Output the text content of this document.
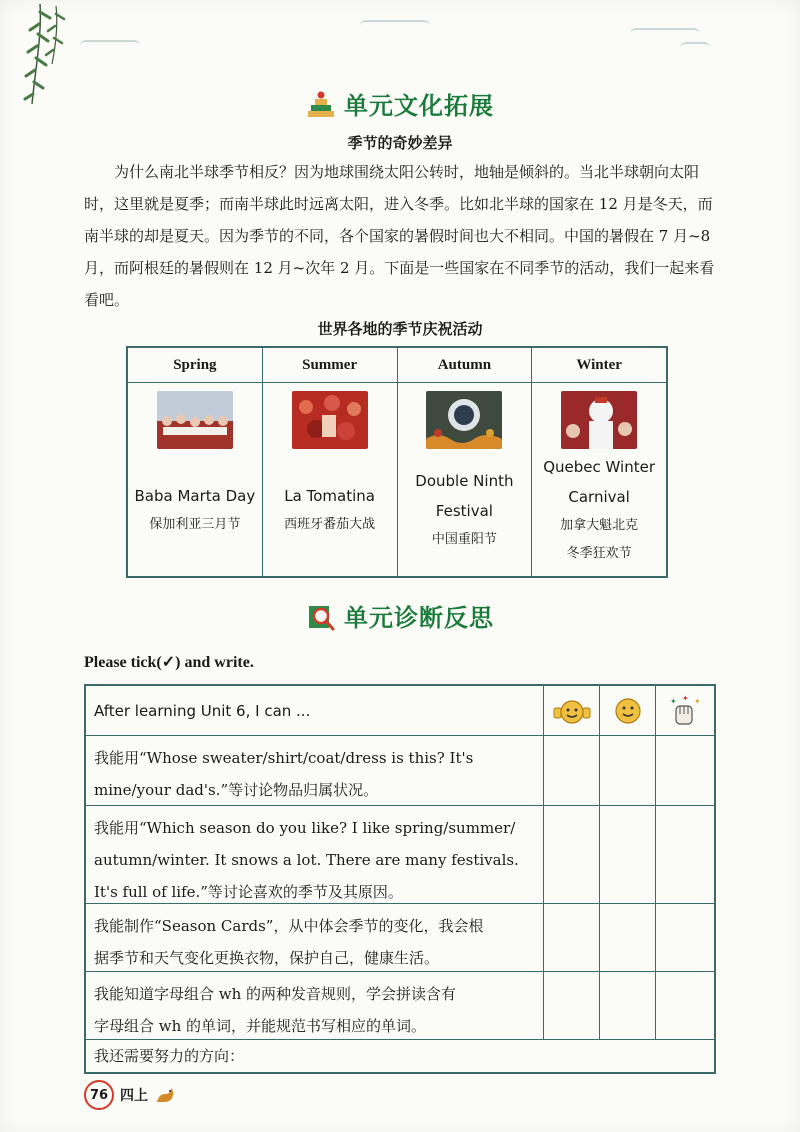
单元文化拓展
季节的奇妙差异

为什么南北半球季节相反？因为地球围绕太阳公转时，地轴是倾斜的。当北半球朝向太阳时，这里就是夏季；而南半球此时远离太阳，进入冬季。比如北半球的国家在 12 月是冬天，而南半球的却是夏天。因为季节的不同，各个国家的暑假时间也大不相同。中国的暑假在 7 月~8 月，而阿根廷的暑假则在 12 月~次年 2 月。下面是一些国家在不同季节的活动，我们一起来看看吧。

世界各地的季节庆祝活动
Spring
Baba Marta Day
保加利亚三月节
Summer
La Tomatina
西班牙番茄大战
Autumn
Double Ninth
Festival
中国重阳节
Winter
Quebec Winter
Carnival
加拿大魁北克
冬季狂欢节
单元诊断反思
Please tick(✓) and write.
After learning Unit 6, I can ...
✦ ✦ ✦
我能用“Whose sweater/shirt/coat/dress is this? It's
mine/your dad's.”等讨论物品归属状况。
我能用“Which season do you like? I like spring/summer/
autumn/winter. It snows a lot. There are many festivals.
It's full of life.”等讨论喜欢的季节及其原因。
我能制作“Season Cards”，从中体会季节的变化，我会根
据季节和天气变化更换衣物，保护自己，健康生活。
我能知道字母组合 wh 的两种发音规则，学会拼读含有
字母组合 wh 的单词，并能规范书写相应的单词。
我还需要努力的方向：
76 四上
